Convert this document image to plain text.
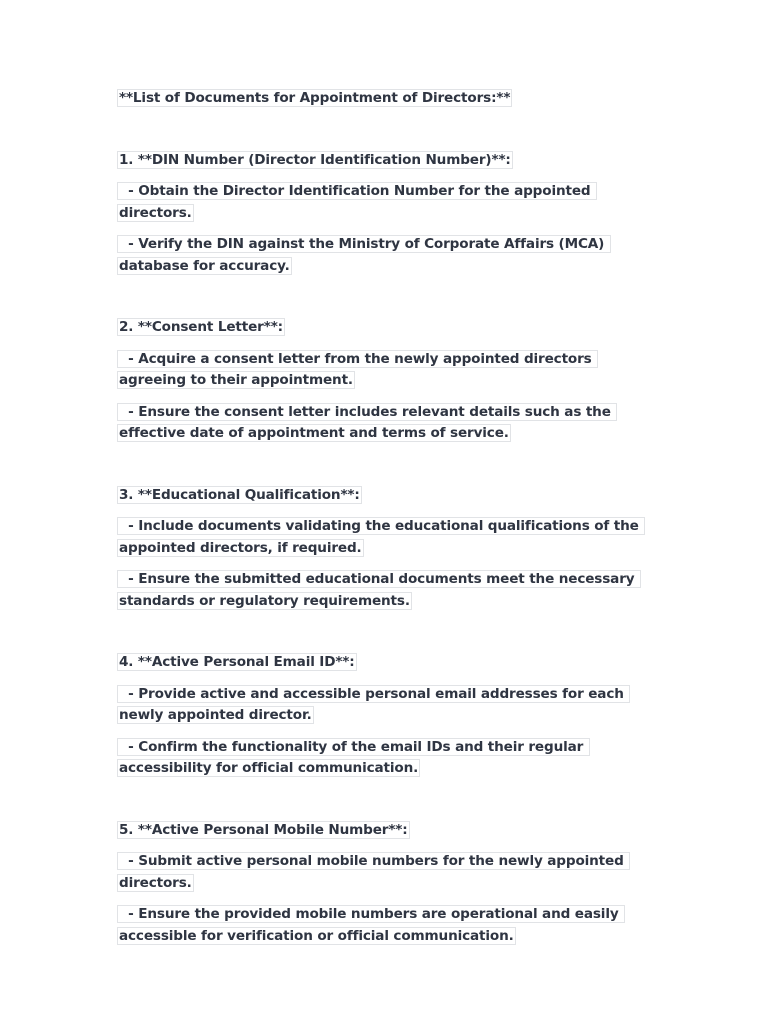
**List of Documents for Appointment of Directors:**
1. **DIN Number (Director Identification Number)**:
- Obtain the Director Identification Number for the appointed directors.
- Verify the DIN against the Ministry of Corporate Affairs (MCA) database for accuracy.
2. **Consent Letter**:
- Acquire a consent letter from the newly appointed directors agreeing to their appointment.
- Ensure the consent letter includes relevant details such as the effective date of appointment and terms of service.
3. **Educational Qualification**:
- Include documents validating the educational qualifications of the appointed directors, if required.
- Ensure the submitted educational documents meet the necessary standards or regulatory requirements.
4. **Active Personal Email ID**:
- Provide active and accessible personal email addresses for each newly appointed director.
- Confirm the functionality of the email IDs and their regular accessibility for official communication.
5. **Active Personal Mobile Number**:
- Submit active personal mobile numbers for the newly appointed directors.
- Ensure the provided mobile numbers are operational and easily accessible for verification or official communication.
